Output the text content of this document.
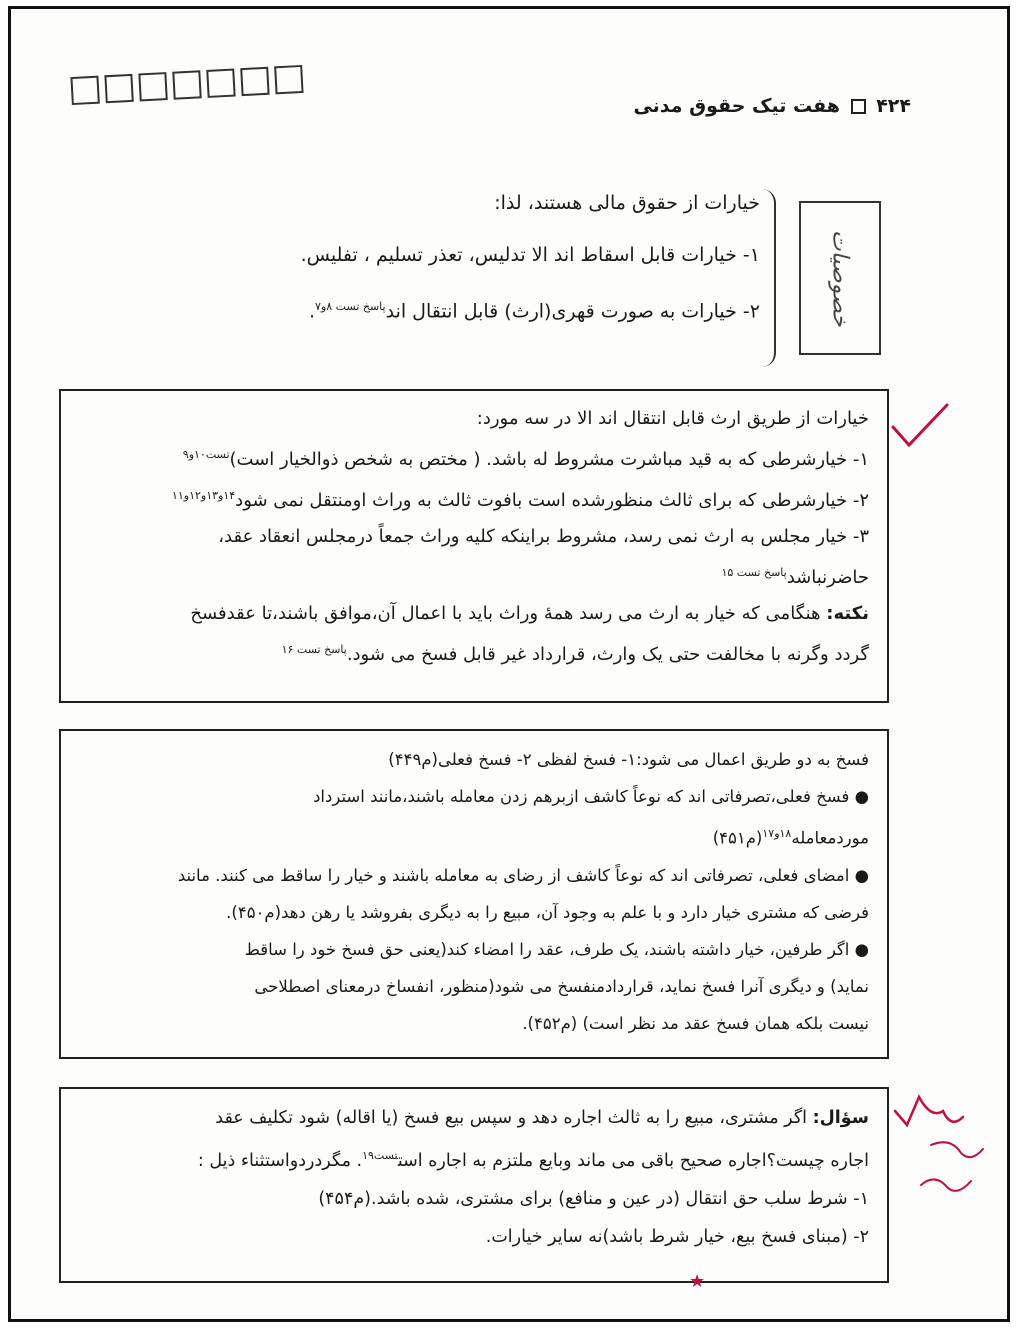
۴۲۴  هفت تیک حقوق مدنی
خیارات از حقوق مالی هستند، لذا:
۱- خیارات قابل اسقاط اند الا تدلیس، تعذر تسلیم ، تفلیس.
۲- خیارات به صورت قهری(ارث) قابل انتقال اند$^{پاسخ تست ۸و۷}$.	خصوصیات

خیارات از طریق ارث قابل انتقال اند الا در سه مورد:

۱- خیارشرطی که به قید مباشرت مشروط له باشد. ( مختص به شخص ذوالخیار است)$^{تست۱۰و۹}$

۲- خیارشرطی که برای ثالث منظورشده است بافوت ثالث به وراث اومنتقل نمی شود$^{۱۴و۱۳و۱۲و۱۱}$

۳- خیار مجلس به ارث نمی رسد، مشروط براینکه کلیه وراث جمعاً درمجلس انعقاد عقد،

حاضرنباشد$^{پاسخ تست ۱۵}$

نکته: هنگامی که خیار به ارث می رسد همهٔ وراث باید با اعمال آن،موافق باشند،تا عقدفسخ

گردد وگرنه با مخالفت حتی یک وارث، قرارداد غیر قابل فسخ می شود.$^{پاسخ تست ۱۶}$

فسخ به دو طریق اعمال می شود:۱- فسخ لفظی ۲- فسخ فعلی(م۴۴۹)

● فسخ فعلی،تصرفاتی اند که نوعاً کاشف ازبرهم زدن معامله باشند،مانند استرداد

موردمعامله$^{۱۸و۱۷}$(م۴۵۱)

● امضای فعلی، تصرفاتی اند که نوعاً کاشف از رضای به معامله باشند و خیار را ساقط می کنند. مانند

فرضی که مشتری خیار دارد و با علم به وجود آن، مبیع را به دیگری بفروشد یا رهن دهد(م۴۵۰).

● اگر طرفین، خیار داشته باشند، یک طرف، عقد را امضاء کند(یعنی حق فسخ خود را ساقط

نماید) و دیگری آنرا فسخ نماید، قراردادمنفسخ می شود(منظور، انفساخ درمعنای اصطلاحی

نیست بلکه همان فسخ عقد مد نظر است) (م۴۵۲).

سؤال: اگر مشتری، مبیع را به ثالث اجاره دهد و سپس بیع فسخ (یا اقاله) شود تکلیف عقد

اجاره چیست؟اجاره صحیح باقی می ماند وبایع ملتزم به اجاره است$^{تست۱۹}$. مگردردواستثناء ذیل :

۱- شرط سلب حق انتقال (در عین و منافع) برای مشتری، شده باشد.(م۴۵۴)

۲- (مبنای فسخ بیع، خیار شرط باشد)نه سایر خیارات.

★
